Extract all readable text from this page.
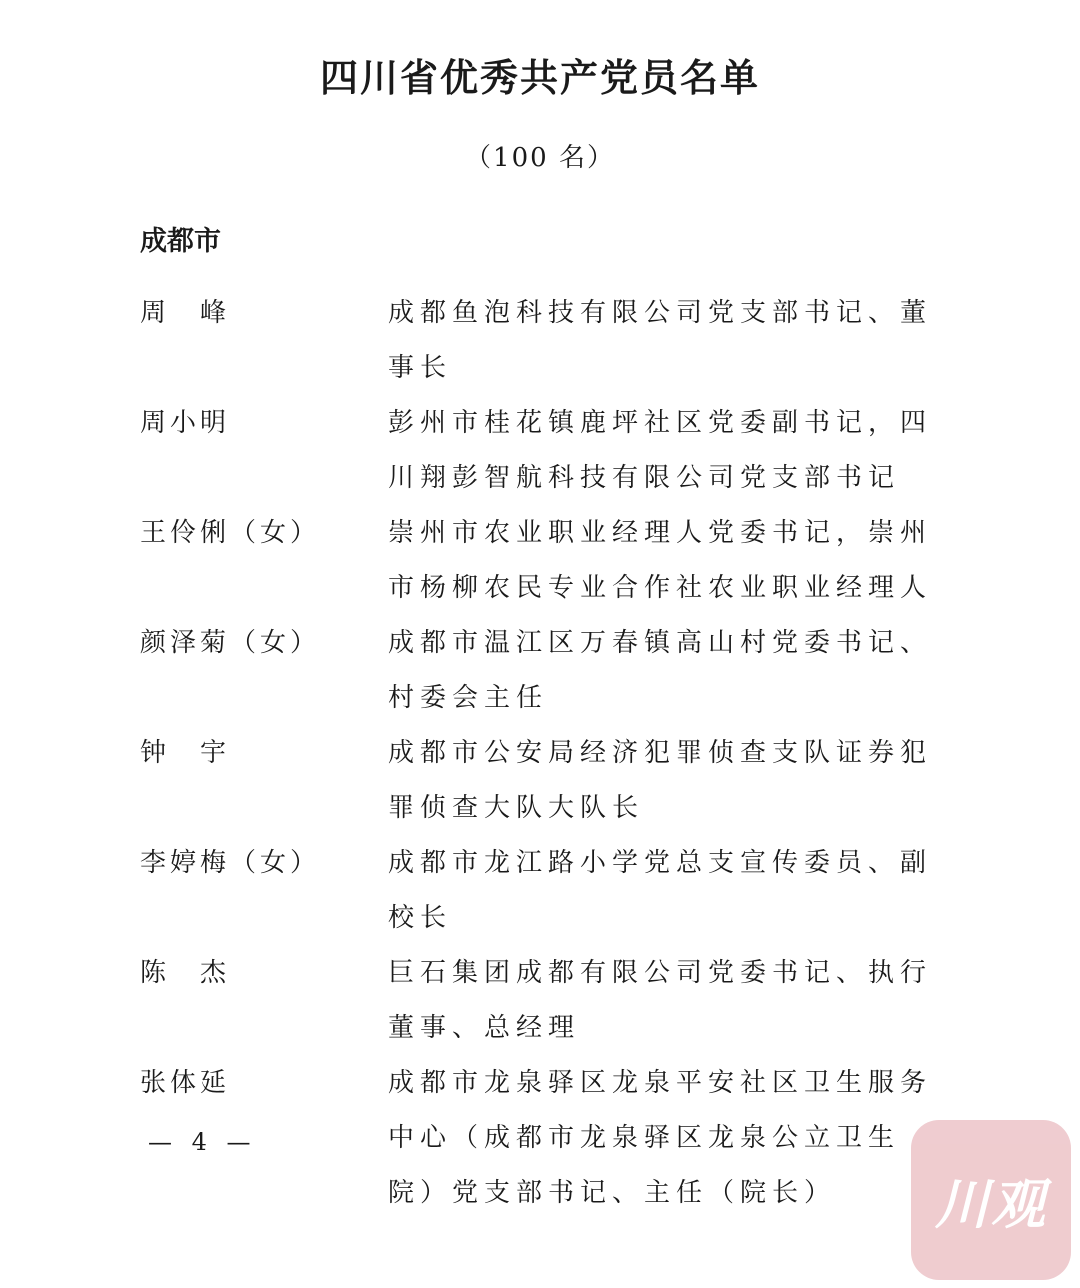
四川省优秀共产党员名单
（100 名）
成都市
周　峰	成都鱼泡科技有限公司党支部书记、董事长
周小明	彭州市桂花镇鹿坪社区党委副书记，四川翔彭智航科技有限公司党支部书记
王伶俐（女）	崇州市农业职业经理人党委书记，崇州市杨柳农民专业合作社农业职业经理人
颜泽菊（女）	成都市温江区万春镇高山村党委书记、村委会主任
钟　宇	成都市公安局经济犯罪侦查支队证券犯罪侦查大队大队长
李婷梅（女）	成都市龙江路小学党总支宣传委员、副校长
陈　杰	巨石集团成都有限公司党委书记、执行董事、总经理
张体延	成都市龙泉驿区龙泉平安社区卫生服务中心（成都市龙泉驿区龙泉公立卫生院）党支部书记、主任（院长）
— 4 —
川观
